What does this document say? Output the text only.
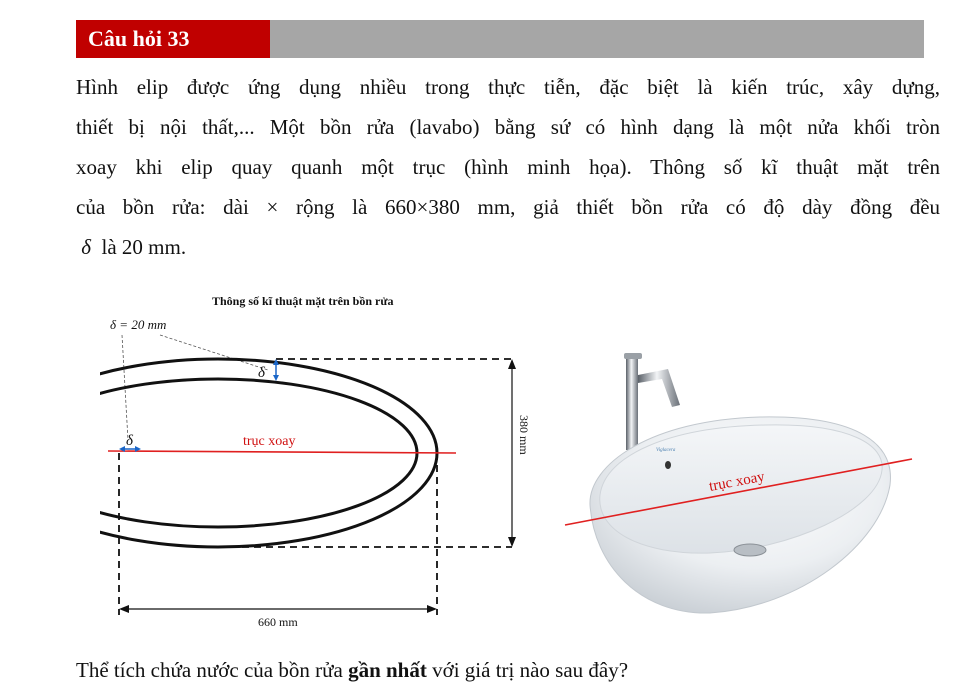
Câu hỏi 33
Hình elip được ứng dụng nhiều trong thực tiễn, đặc biệt là kiến trúc, xây dựng,
thiết bị nội thất,... Một bồn rửa (lavabo) bằng sứ có hình dạng là một nửa khối tròn
xoay khi elip quay quanh một trục (hình minh họa). Thông số kĩ thuật mặt trên
của bồn rửa: dài × rộng là 660×380 mm, giả thiết bồn rửa có độ dày đồng đều
δ là 20 mm.
Thông số kĩ thuật mặt trên bồn rửa
δ = 20 mm
380 mm
660 mm
trục xoay
δ
δ
Viglacera
trục xoay
Thể tích chứa nước của bồn rửa gần nhất với giá trị nào sau đây?
